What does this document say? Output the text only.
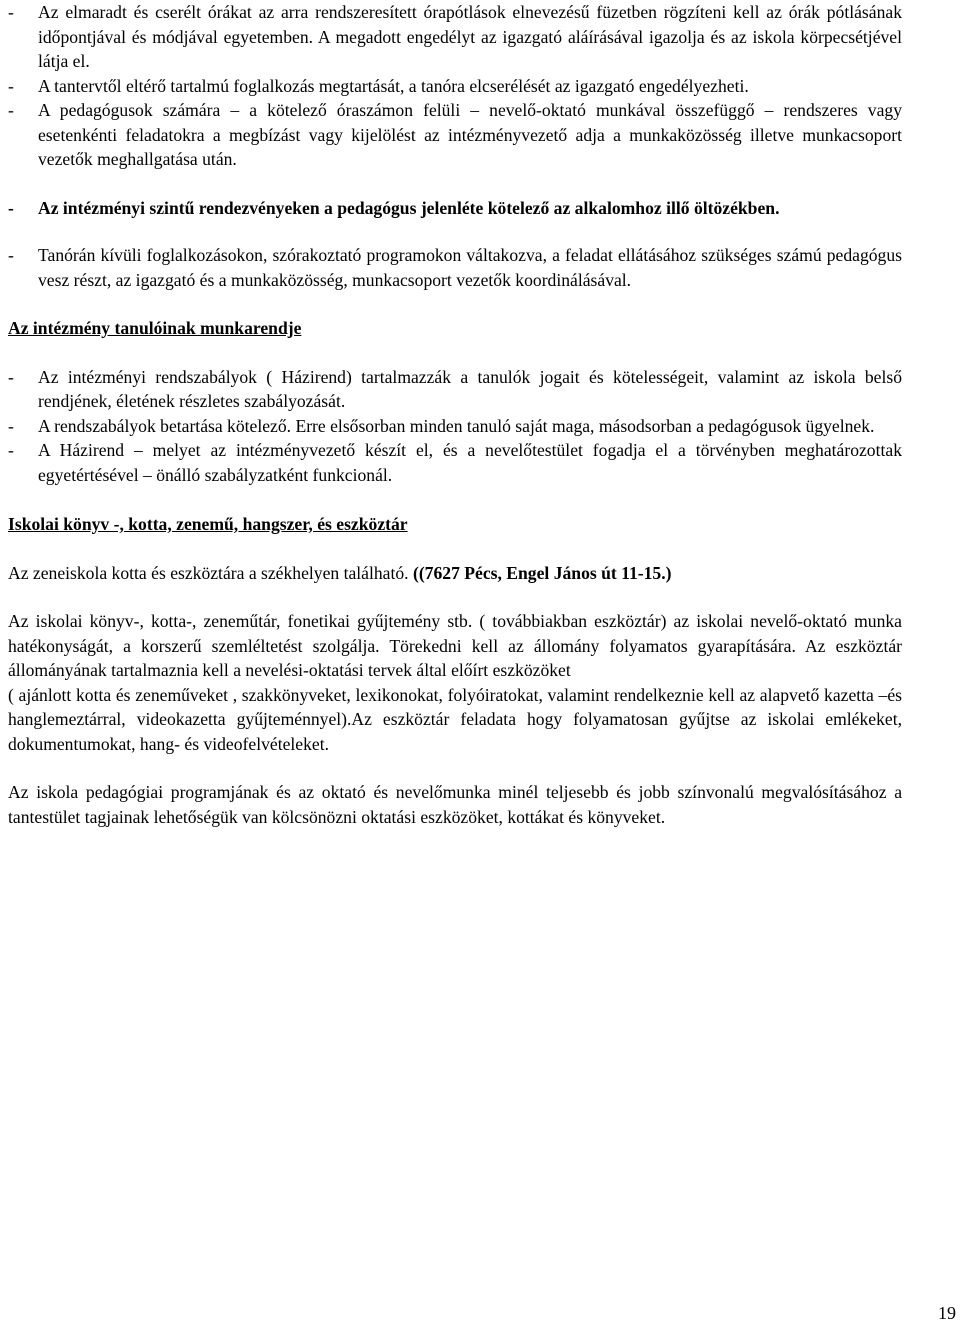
- Az elmaradt és cserélt órákat az arra rendszeresített órapótlások elnevezésű füzetben rögzíteni kell az órák pótlásának időpontjával és módjával egyetemben. A megadott engedélyt az igazgató aláírásával igazolja és az iskola körpecsétjével látja el.
- A tantervtől eltérő tartalmú foglalkozás megtartását, a tanóra elcserélését az igazgató engedélyezheti.
- A pedagógusok számára – a kötelező óraszámon felüli – nevelő-oktató munkával összefüggő – rendszeres vagy esetenkénti feladatokra a megbízást vagy kijelölést az intézményvezető adja a munkaközösség illetve munkacsoport vezetők meghallgatása után.
- Az intézményi szintű rendezvényeken a pedagógus jelenléte kötelező az alkalomhoz illő öltözékben.
- Tanórán kívüli foglalkozásokon, szórakoztató programokon váltakozva, a feladat ellátásához szükséges számú pedagógus vesz részt, az igazgató és a munkaközösség, munkacsoport vezetők koordinálásával.

Az intézmény tanulóinak munkarendje

- Az intézményi rendszabályok ( Házirend) tartalmazzák a tanulók jogait és kötelességeit, valamint az iskola belső rendjének, életének részletes szabályozását.
- A rendszabályok betartása kötelező. Erre elsősorban minden tanuló saját maga, másodsorban a pedagógusok ügyelnek.
- A Házirend – melyet az intézményvezető készít el, és a nevelőtestület fogadja el a törvényben meghatározottak egyetértésével – önálló szabályzatként funkcionál.

Iskolai könyv -, kotta, zenemű, hangszer, és eszköztár

Az zeneiskola kotta és eszköztára a székhelyen található. ((7627 Pécs, Engel János út 11-15.)

Az iskolai könyv-, kotta-, zeneműtár, fonetikai gyűjtemény stb. ( továbbiakban eszköztár) az iskolai nevelő-oktató munka hatékonyságát, a korszerű szemléltetést szolgálja. Törekedni kell az állomány folyamatos gyarapítására. Az eszköztár állományának tartalmaznia kell a nevelési-oktatási tervek által előírt eszközöket
( ajánlott kotta és zeneműveket , szakkönyveket, lexikonokat, folyóiratokat, valamint rendelkeznie kell az alapvető kazetta –és hanglemeztárral, videokazetta gyűjteménnyel).Az eszköztár feladata hogy folyamatosan gyűjtse az iskolai emlékeket, dokumentumokat, hang- és videofelvételeket.

Az iskola pedagógiai programjának és az oktató és nevelőmunka minél teljesebb és jobb színvonalú megvalósításához a tantestület tagjainak lehetőségük van kölcsönözni oktatási eszközöket, kottákat és könyveket.

19
